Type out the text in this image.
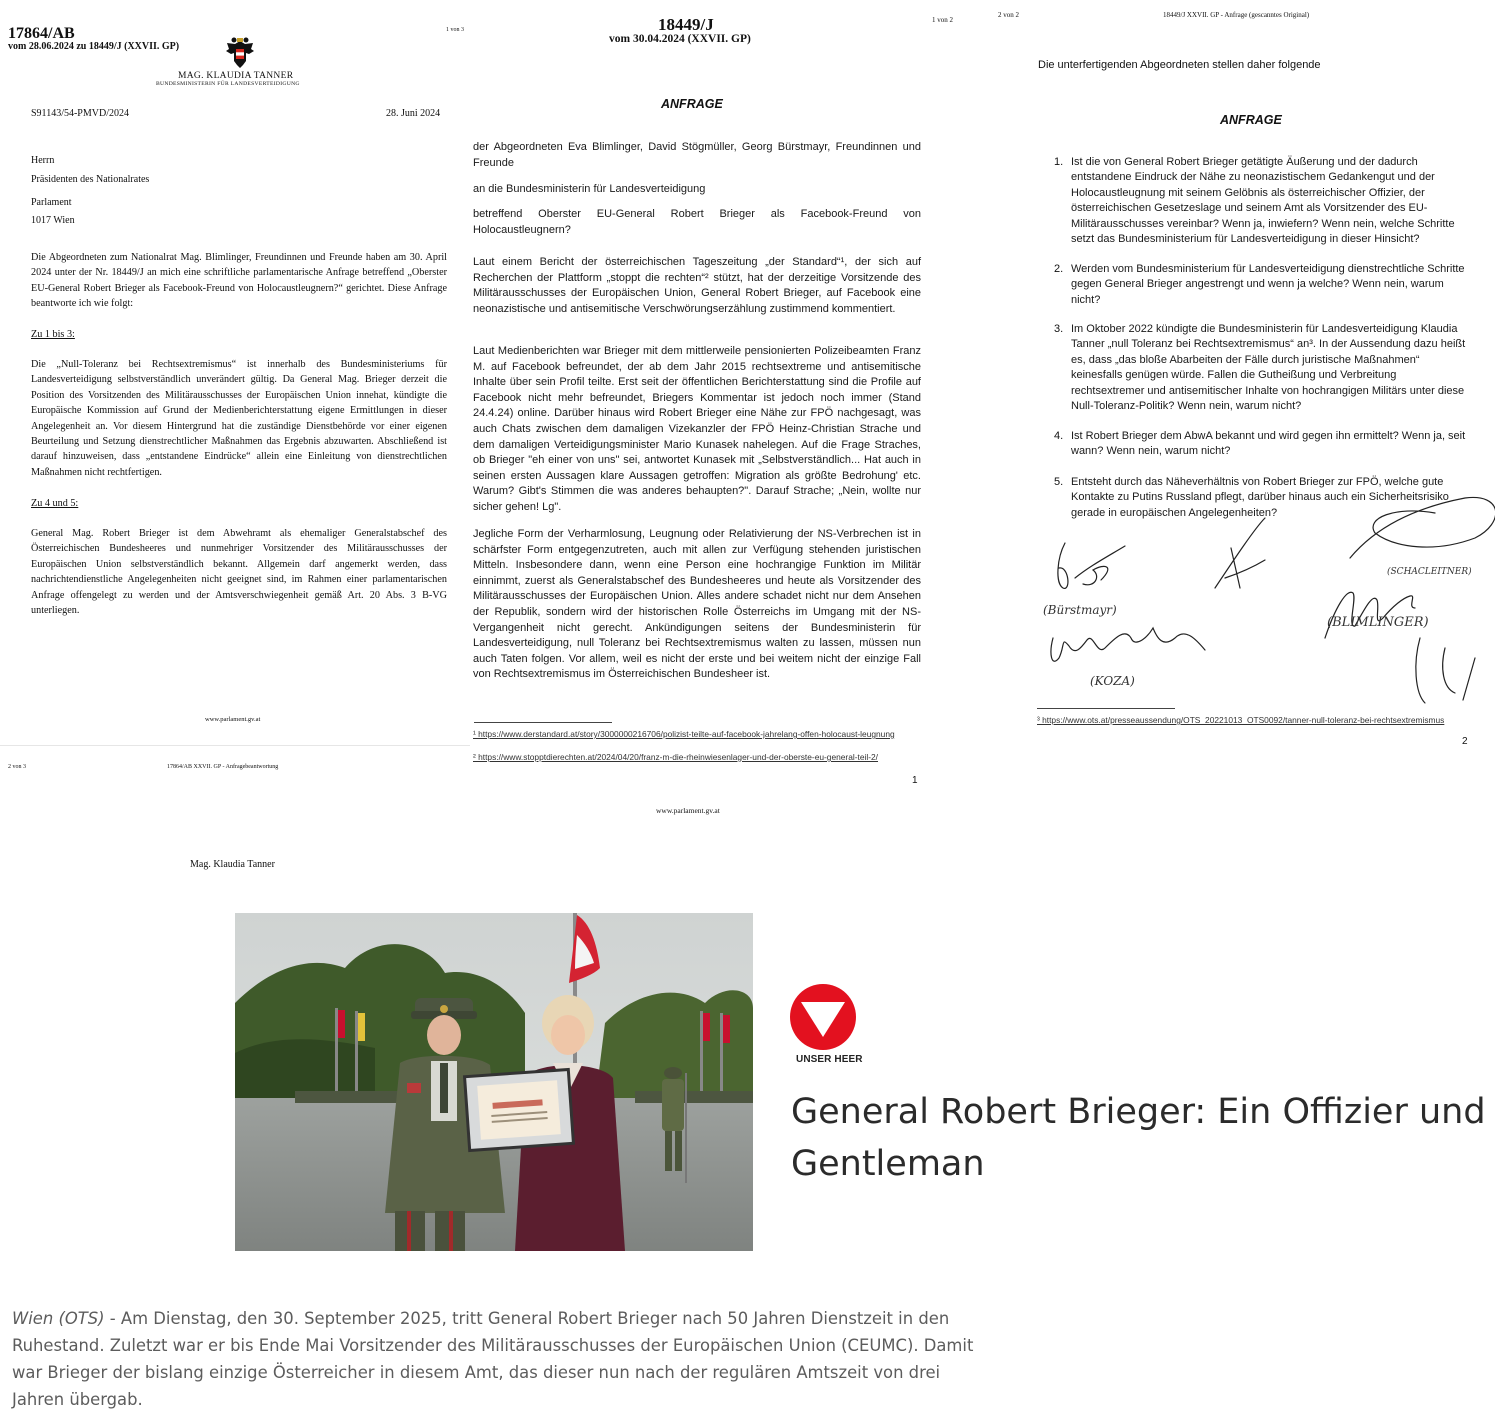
17864/AB
vom 28.06.2024 zu 18449/J (XXVII. GP)
1 von 3
MAG. KLAUDIA TANNER
BUNDESMINISTERIN FÜR LANDESVERTEIDIGUNG
S91143/54-PMVD/2024	28. Juni 2024
Herrn
Präsidenten des Nationalrates
Parlament
1017 Wien
Die Abgeordneten zum Nationalrat Mag. Blimlinger, Freundinnen und Freunde haben am 30. April 2024 unter der Nr. 18449/J an mich eine schriftliche parlamentarische Anfrage betreffend „Oberster EU-General Robert Brieger als Facebook-Freund von Holocaustleugnern?“ gerichtet. Diese Anfrage beantworte ich wie folgt:
Zu 1 bis 3:
Die „Null-Toleranz bei Rechtsextremismus“ ist innerhalb des Bundesministeriums für Landesverteidigung selbstverständlich unverändert gültig. Da General Mag. Brieger derzeit die Position des Vorsitzenden des Militärausschusses der Europäischen Union innehat, kündigte die Europäische Kommission auf Grund der Medienberichterstattung eigene Ermittlungen in dieser Angelegenheit an. Vor diesem Hintergrund hat die zuständige Dienstbehörde vor einer eigenen Beurteilung und Setzung dienstrechtlicher Maßnahmen das Ergebnis abzuwarten. Abschließend ist darauf hinzuweisen, dass „entstandene Eindrücke“ allein eine Einleitung von dienstrechtlichen Maßnahmen nicht rechtfertigen.
Zu 4 und 5:
General Mag. Robert Brieger ist dem Abwehramt als ehemaliger Generalstabschef des Österreichischen Bundesheeres und nunmehriger Vorsitzender des Militärausschusses der Europäischen Union selbstverständlich bekannt. Allgemein darf angemerkt werden, dass nachrichtendienstliche Angelegenheiten nicht geeignet sind, im Rahmen einer parlamentarischen Anfrage offengelegt zu werden und der Amtsverschwiegenheit gemäß Art. 20 Abs. 3 B-VG unterliegen.
www.parlament.gv.at
2 von 3	17864/AB XXVII. GP - Anfragebeantwortung
Mag. Klaudia Tanner
18449/J
vom 30.04.2024 (XXVII. GP)
1 von 2
ANFRAGE
der Abgeordneten Eva Blimlinger, David Stögmüller, Georg Bürstmayr, Freundinnen und Freunde
an die Bundesministerin für Landesverteidigung
betreffend Oberster EU-General Robert Brieger als Facebook-Freund von Holocaustleugnern?
Laut einem Bericht der österreichischen Tageszeitung „der Standard“¹, der sich auf Recherchen der Plattform „stoppt die rechten“² stützt, hat der derzeitige Vorsitzende des Militärausschusses der Europäischen Union, General Robert Brieger, auf Facebook eine neonazistische und antisemitische Verschwörungserzählung zustimmend kommentiert.
Laut Medienberichten war Brieger mit dem mittlerweile pensionierten Polizeibeamten Franz M. auf Facebook befreundet, der ab dem Jahr 2015 rechtsextreme und antisemitische Inhalte über sein Profil teilte. Erst seit der öffentlichen Berichterstattung sind die Profile auf Facebook nicht mehr befreundet, Briegers Kommentar ist jedoch noch immer (Stand 24.4.24) online. Darüber hinaus wird Robert Brieger eine Nähe zur FPÖ nachgesagt, was auch Chats zwischen dem damaligen Vizekanzler der FPÖ Heinz-Christian Strache und dem damaligen Verteidigungsminister Mario Kunasek nahelegen. Auf die Frage Straches, ob Brieger "eh einer von uns" sei, antwortet Kunasek mit „Selbstverständlich... Hat auch in seinen ersten Aussagen klare Aussagen getroffen: Migration als größte Bedrohung' etc. Warum? Gibt's Stimmen die was anderes behaupten?". Darauf Strache; „Nein, wollte nur sicher gehen! Lg".
Jegliche Form der Verharmlosung, Leugnung oder Relativierung der NS-Verbrechen ist in schärfster Form entgegenzutreten, auch mit allen zur Verfügung stehenden juristischen Mitteln. Insbesondere dann, wenn eine Person eine hochrangige Funktion im Militär einnimmt, zuerst als Generalstabschef des Bundesheeres und heute als Vorsitzender des Militärausschusses der Europäischen Union. Alles andere schadet nicht nur dem Ansehen der Republik, sondern wird der historischen Rolle Österreichs im Umgang mit der NS-Vergangenheit nicht gerecht. Ankündigungen seitens der Bundesministerin für Landesverteidigung, null Toleranz bei Rechtsextremismus walten zu lassen, müssen nun auch Taten folgen. Vor allem, weil es nicht der erste und bei weitem nicht der einzige Fall von Rechtsextremismus im Österreichischen Bundesheer ist.
¹ https://www.derstandard.at/story/3000000216706/polizist-teilte-auf-facebook-jahrelang-offen-holocaust-leugnung
² https://www.stoppt​dierechten.at/2024/04/20/franz-m-die-rheinwiesenlager-und-der-oberste-eu-general-teil-2/
1
www.parlament.gv.at
2 von 2	18449/J XXVII. GP - Anfrage (gescanntes Original)
Die unterfertigenden Abgeordneten stellen daher folgende
ANFRAGE
1. Ist die von General Robert Brieger getätigte Äußerung und der dadurch entstandene Eindruck der Nähe zu neonazistischem Gedankengut und der Holocaustleugnung mit seinem Gelöbnis als österreichischer Offizier, der österreichischen Gesetzeslage und seinem Amt als Vorsitzender des EU-Militärausschusses vereinbar? Wenn ja, inwiefern? Wenn nein, welche Schritte setzt das Bundesministerium für Landesverteidigung in dieser Hinsicht?
2. Werden vom Bundesministerium für Landesverteidigung dienstrechtliche Schritte gegen General Brieger angestrengt und wenn ja welche? Wenn nein, warum nicht?
3. Im Oktober 2022 kündigte die Bundesministerin für Landesverteidigung Klaudia Tanner „null Toleranz bei Rechtsextremismus“ an³. In der Aussendung dazu heißt es, dass „das bloße Abarbeiten der Fälle durch juristische Maßnahmen“ keinesfalls genügen würde. Fallen die Gutheißung und Verbreitung rechtsextremer und antisemitischer Inhalte von hochrangigen Militärs unter diese Null-Toleranz-Politik? Wenn nein, warum nicht?
4. Ist Robert Brieger dem AbwA bekannt und wird gegen ihn ermittelt? Wenn ja, seit wann? Wenn nein, warum nicht?
5. Entsteht durch das Näheverhältnis von Robert Brieger zur FPÖ, welche gute Kontakte zu Putins Russland pflegt, darüber hinaus auch ein Sicherheitsrisiko gerade in europäischen Angelegenheiten?
(Bürstmayr)
(BLIMLINGER)
(KOZA)
(SCHACLEITNER)
³ https://www.ots.at/presseaussendung/OTS_20221013_OTS0092/tanner-null-toleranz-bei-rechtsextremismus
2
UNSER HEER
General Robert Brieger: Ein Offizier und Gentleman

Wien (OTS) - Am Dienstag, den 30. September 2025, tritt General Robert Brieger nach 50 Jahren Dienstzeit in den Ruhestand. Zuletzt war er bis Ende Mai Vorsitzender des Militärausschusses der Europäischen Union (CEUMC). Damit war Brieger der bislang einzige Österreicher in diesem Amt, das dieser nun nach der regulären Amtszeit von drei Jahren übergab.
